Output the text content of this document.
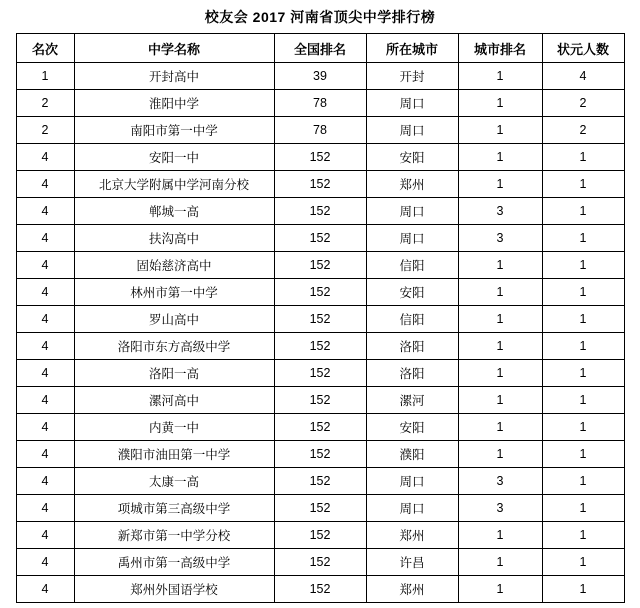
校友会 2017 河南省顶尖中学排行榜
名次	中学名称	全国排名	所在城市	城市排名	状元人数
1	开封高中	39	开封	1	4
2	淮阳中学	78	周口	1	2
2	南阳市第一中学	78	周口	1	2
4	安阳一中	152	安阳	1	1
4	北京大学附属中学河南分校	152	郑州	1	1
4	郸城一高	152	周口	3	1
4	扶沟高中	152	周口	3	1
4	固始慈济高中	152	信阳	1	1
4	林州市第一中学	152	安阳	1	1
4	罗山高中	152	信阳	1	1
4	洛阳市东方高级中学	152	洛阳	1	1
4	洛阳一高	152	洛阳	1	1
4	漯河高中	152	漯河	1	1
4	内黄一中	152	安阳	1	1
4	濮阳市油田第一中学	152	濮阳	1	1
4	太康一高	152	周口	3	1
4	项城市第三高级中学	152	周口	3	1
4	新郑市第一中学分校	152	郑州	1	1
4	禹州市第一高级中学	152	许昌	1	1
4	郑州外国语学校	152	郑州	1	1
